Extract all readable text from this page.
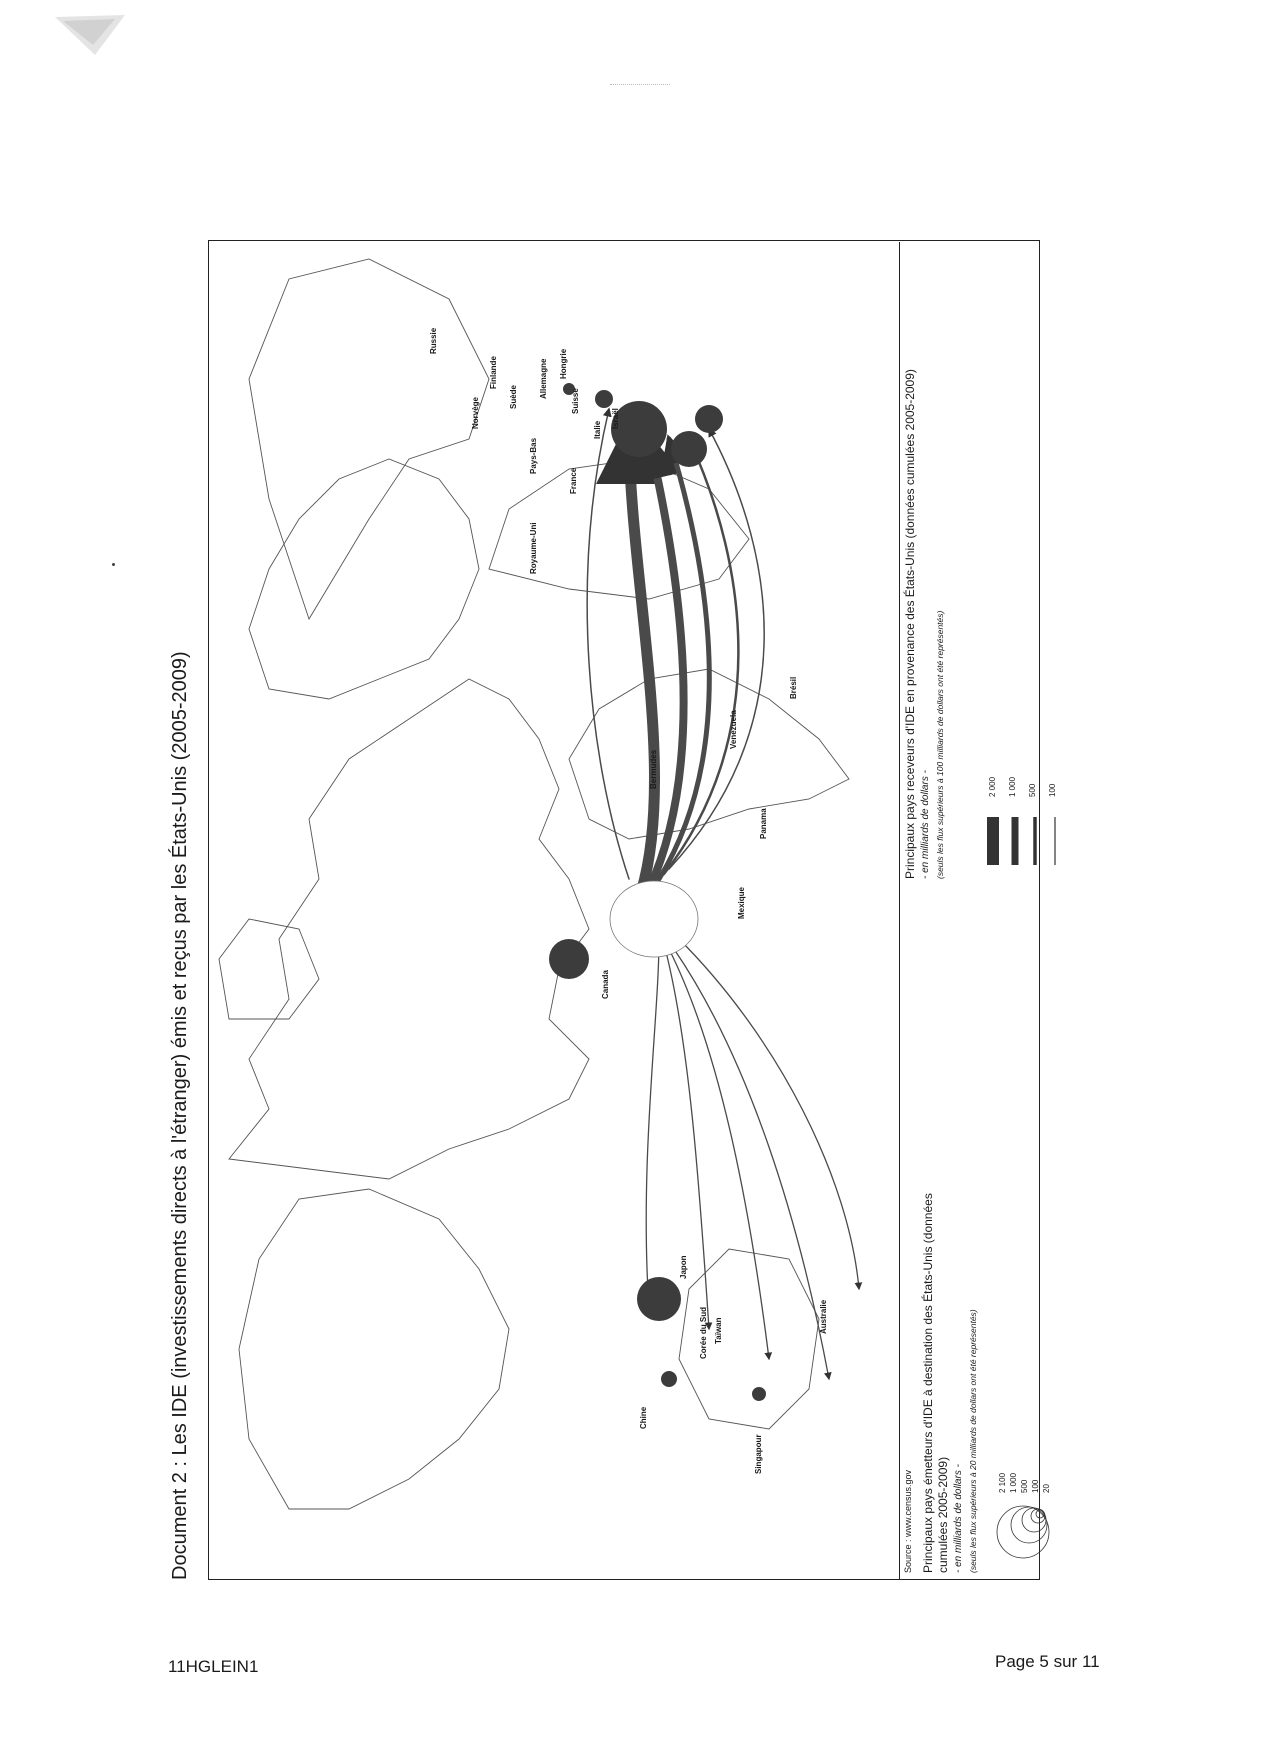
Document 2 : Les IDE (investissements directs à l'étranger) émis et reçus par les États-Unis (2005-2009)
Russie
Finlande
Suède
Norvège
Allemagne Hongrie
Suisse
Italie
Israël
Pays-Bas
France
Royaume-Uni
Canada
Bermudes
Venezuela
Brésil
Panama
Mexique
Japon
Corée du Sud Taïwan
Chine
Singapour
Australie
Source : www.census.gov Principaux pays émetteurs d'IDE à destination des États-Unis (données cumulées 2005-2009) - en milliards de dollars - (seuls les flux supérieurs à 20 milliards de dollars ont été représentés)	2 100 1 000 500 100 20
Principaux pays receveurs d'IDE en provenance des États-Unis (données cumulées 2005-2009) - en milliards de dollars - (seuls les flux supérieurs à 100 milliards de dollars ont été représentés)	2 000	1 000	500	100
11HGLEIN1	Page 5 sur 11
